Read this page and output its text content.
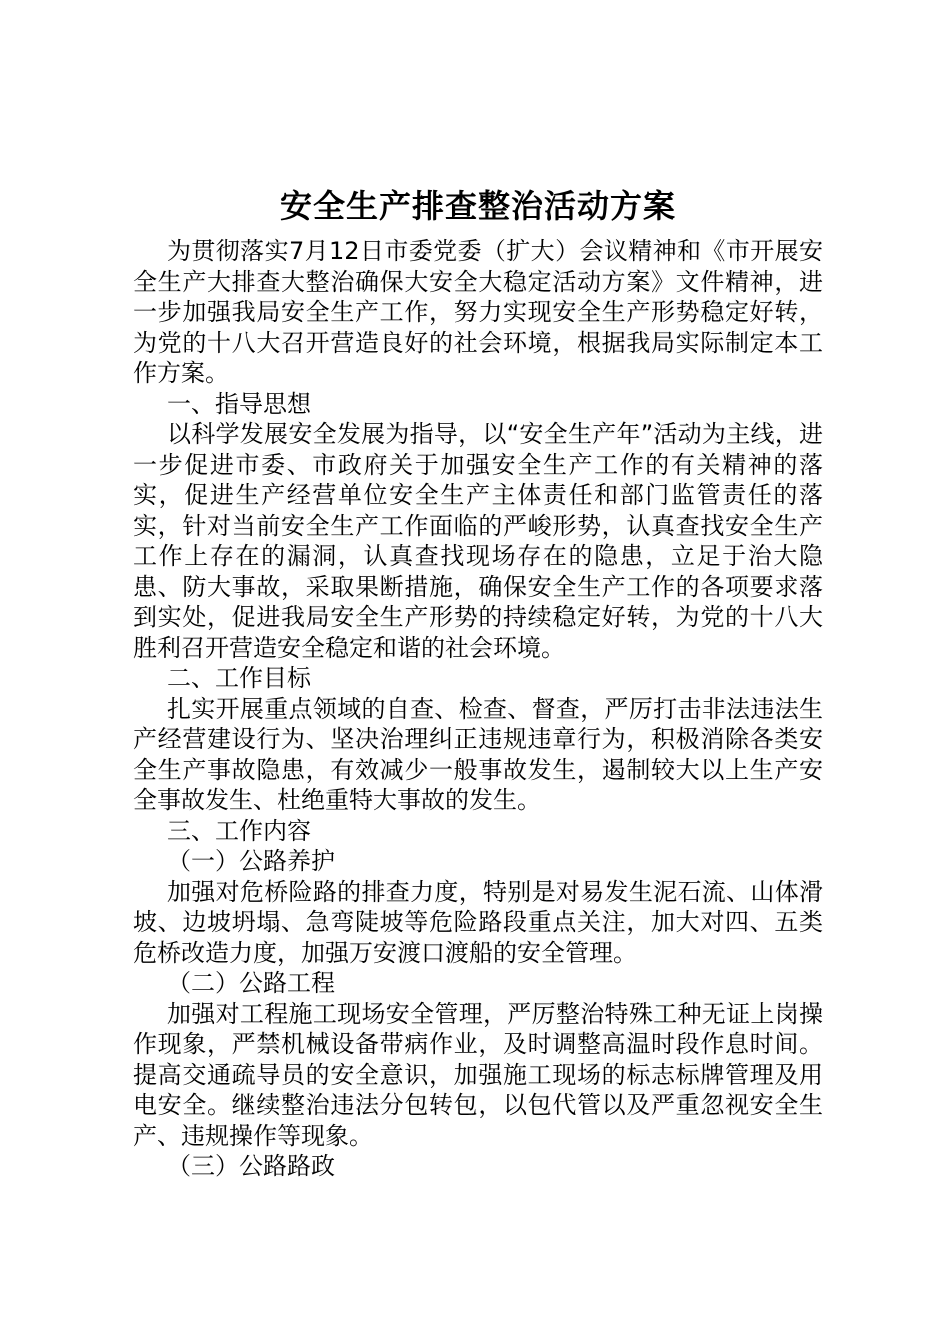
安全生产排查整治活动方案

为贯彻落实7月12日市委党委（扩大）会议精神和《市开展安全生产大排查大整治确保大安全大稳定活动方案》文件精神，进一步加强我局安全生产工作，努力实现安全生产形势稳定好转，为党的十八大召开营造良好的社会环境，根据我局实际制定本工作方案。

一、指导思想

以科学发展安全发展为指导，以“安全生产年”活动为主线，进一步促进市委、市政府关于加强安全生产工作的有关精神的落实，促进生产经营单位安全生产主体责任和部门监管责任的落实，针对当前安全生产工作面临的严峻形势，认真查找安全生产工作上存在的漏洞，认真查找现场存在的隐患，立足于治大隐患、防大事故，采取果断措施，确保安全生产工作的各项要求落到实处，促进我局安全生产形势的持续稳定好转，为党的十八大胜利召开营造安全稳定和谐的社会环境。

二、工作目标

扎实开展重点领域的自查、检查、督查，严厉打击非法违法生产经营建设行为、坚决治理纠正违规违章行为，积极消除各类安全生产事故隐患，有效减少一般事故发生，遏制较大以上生产安全事故发生、杜绝重特大事故的发生。

三、工作内容

（一）公路养护

加强对危桥险路的排查力度，特别是对易发生泥石流、山体滑坡、边坡坍塌、急弯陡坡等危险路段重点关注，加大对四、五类危桥改造力度，加强万安渡口渡船的安全管理。

（二）公路工程

加强对工程施工现场安全管理，严厉整治特殊工种无证上岗操作现象，严禁机械设备带病作业，及时调整高温时段作息时间。提高交通疏导员的安全意识，加强施工现场的标志标牌管理及用电安全。继续整治违法分包转包，以包代管以及严重忽视安全生产、违规操作等现象。

（三）公路路政
